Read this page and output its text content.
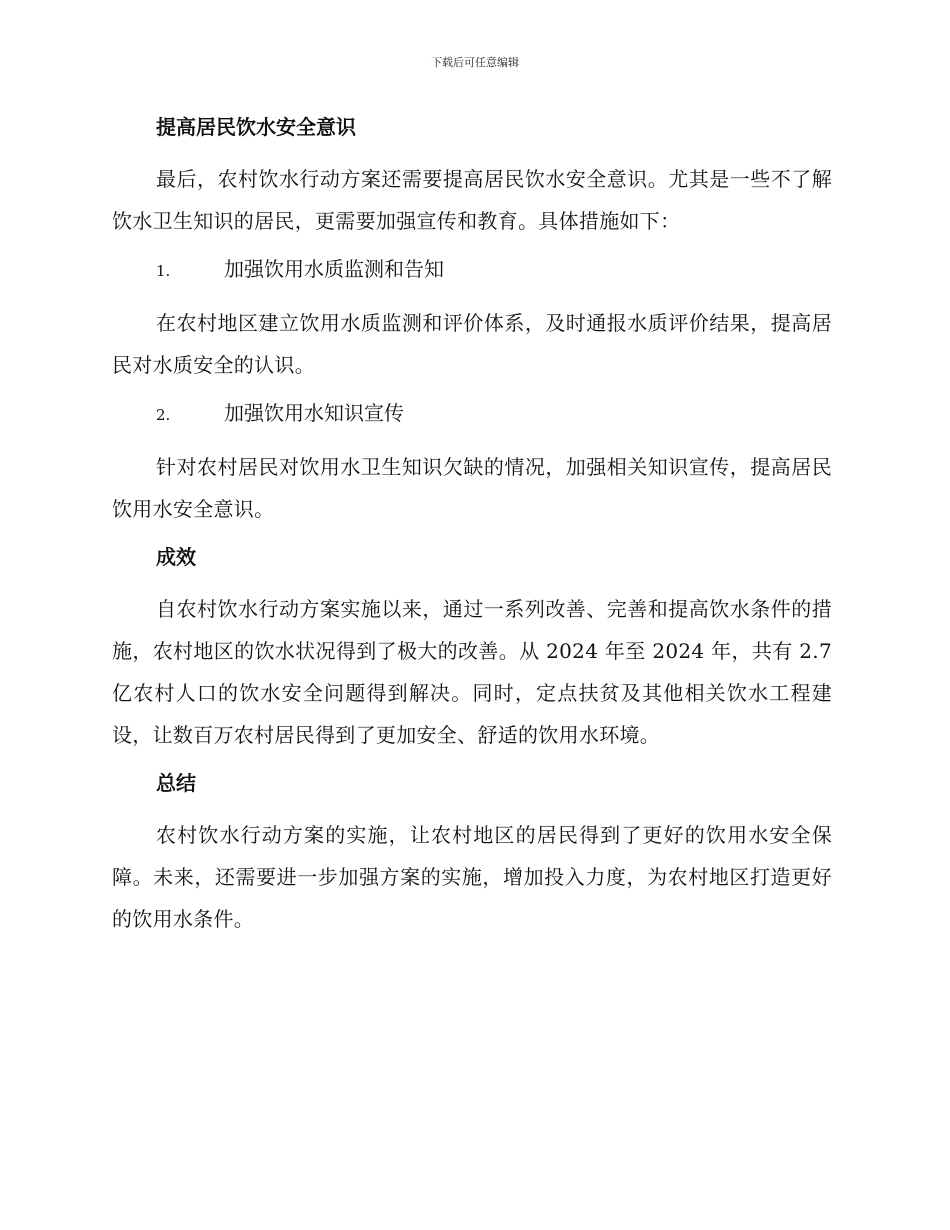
下载后可任意编辑
提高居民饮水安全意识

最后，农村饮水行动方案还需要提高居民饮水安全意识。尤其是一些不了解饮水卫生知识的居民，更需要加强宣传和教育。具体措施如下：

1.	加强饮用水质监测和告知

在农村地区建立饮用水质监测和评价体系，及时通报水质评价结果，提高居民对水质安全的认识。

2.	加强饮用水知识宣传

针对农村居民对饮用水卫生知识欠缺的情况，加强相关知识宣传，提高居民饮用水安全意识。

成效

自农村饮水行动方案实施以来，通过一系列改善、完善和提高饮水条件的措施，农村地区的饮水状况得到了极大的改善。从 2024 年至 2024 年，共有 2.7 亿农村人口的饮水安全问题得到解决。同时，定点扶贫及其他相关饮水工程建设，让数百万农村居民得到了更加安全、舒适的饮用水环境。

总结

农村饮水行动方案的实施，让农村地区的居民得到了更好的饮用水安全保障。未来，还需要进一步加强方案的实施，增加投入力度，为农村地区打造更好的饮用水条件。
